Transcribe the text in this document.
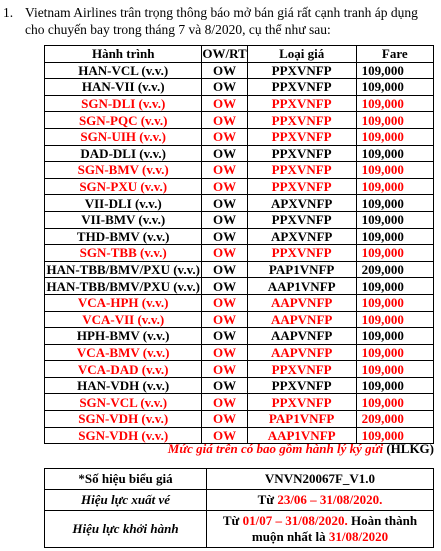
1. Vietnam Airlines trân trọng thông báo mở bán giá rất cạnh tranh áp dụng
cho chuyến bay trong tháng 7 và 8/2020, cụ thể như sau:
Hành trình	OW/RT	Loại giá	Fare
HAN-VCL (v.v.)	OW	PPXVNFP	109,000
HAN-VII (v.v.)	OW	PPXVNFP	109,000
SGN-DLI (v.v.)	OW	PPXVNFP	109,000
SGN-PQC (v.v.)	OW	PPXVNFP	109,000
SGN-UIH (v.v.)	OW	PPXVNFP	109,000
DAD-DLI (v.v.)	OW	PPXVNFP	109,000
SGN-BMV (v.v.)	OW	PPXVNFP	109,000
SGN-PXU (v.v.)	OW	PPXVNFP	109,000
VII-DLI (v.v.)	OW	APXVNFP	109,000
VII-BMV (v.v.)	OW	PPXVNFP	109,000
THD-BMV (v.v.)	OW	APXVNFP	109,000
SGN-TBB (v.v.)	OW	PPXVNFP	109,000
HAN-TBB/BMV/PXU (v.v.)	OW	PAP1VNFP	209,000
HAN-TBB/BMV/PXU (v.v.)	OW	AAP1VNFP	109,000
VCA-HPH (v.v.)	OW	AAPVNFP	109,000
VCA-VII (v.v.)	OW	AAPVNFP	109,000
HPH-BMV (v.v.)	OW	AAPVNFP	109,000
VCA-BMV (v.v.)	OW	AAPVNFP	109,000
VCA-DAD (v.v.)	OW	PPXVNFP	109,000
HAN-VDH (v.v.)	OW	PPXVNFP	109,000
SGN-VCL (v.v.)	OW	PPXVNFP	109,000
SGN-VDH (v.v.)	OW	PAP1VNFP	209,000
SGN-VDH (v.v.)	OW	AAP1VNFP	109,000
Mức giá trên có bao gồm hành lý ký gửi (HLKG)
*Số hiệu biểu giá	VNVN20067F_V1.0
Hiệu lực xuất vé	Từ 23/06 – 31/08/2020.
Hiệu lực khởi hành	Từ 01/07 – 31/08/2020. Hoàn thành muộn nhất là 31/08/2020
